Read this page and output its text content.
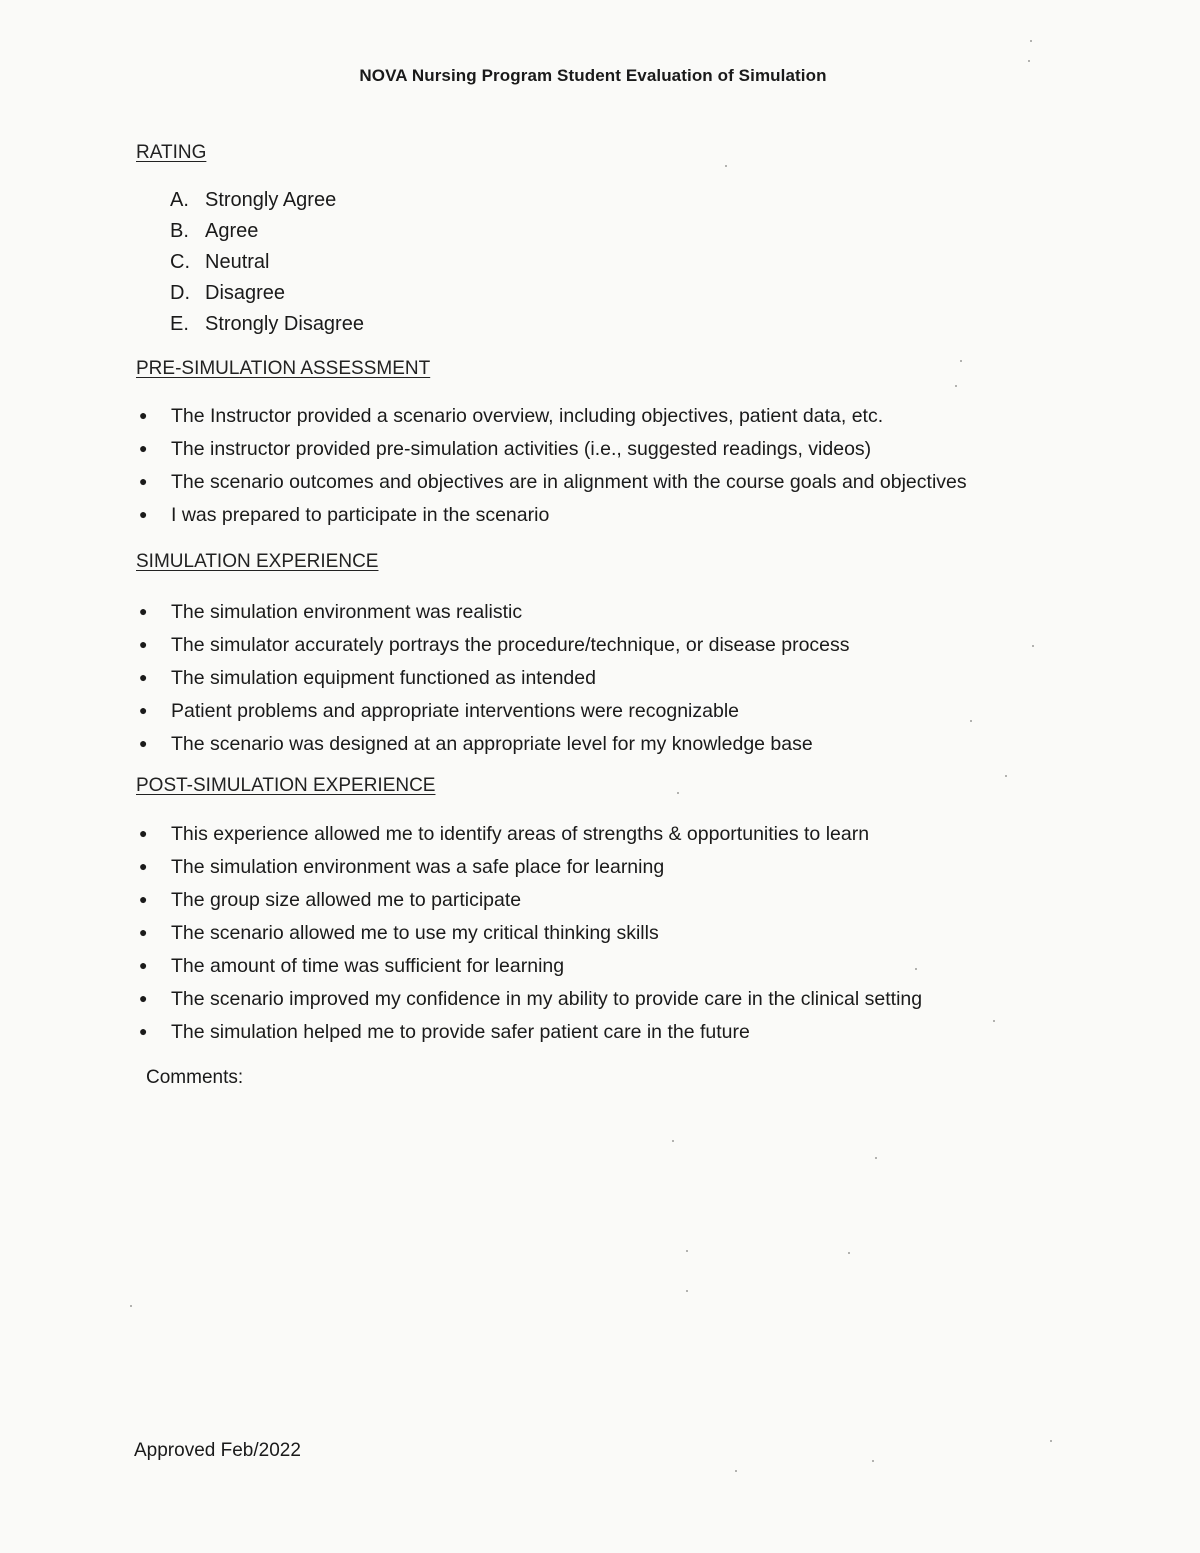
NOVA Nursing Program Student Evaluation of Simulation
RATING
A. Strongly Agree
B. Agree
C. Neutral
D. Disagree
E. Strongly Disagree
PRE-SIMULATION ASSESSMENT
● The Instructor provided a scenario overview, including objectives, patient data, etc.
● The instructor provided pre-simulation activities (i.e., suggested readings, videos)
● The scenario outcomes and objectives are in alignment with the course goals and objectives
● I was prepared to participate in the scenario
SIMULATION EXPERIENCE
● The simulation environment was realistic
● The simulator accurately portrays the procedure/technique, or disease process
● The simulation equipment functioned as intended
● Patient problems and appropriate interventions were recognizable
● The scenario was designed at an appropriate level for my knowledge base
POST-SIMULATION EXPERIENCE
● This experience allowed me to identify areas of strengths & opportunities to learn
● The simulation environment was a safe place for learning
● The group size allowed me to participate
● The scenario allowed me to use my critical thinking skills
● The amount of time was sufficient for learning
● The scenario improved my confidence in my ability to provide care in the clinical setting
● The simulation helped me to provide safer patient care in the future
Comments:
Approved Feb/2022
